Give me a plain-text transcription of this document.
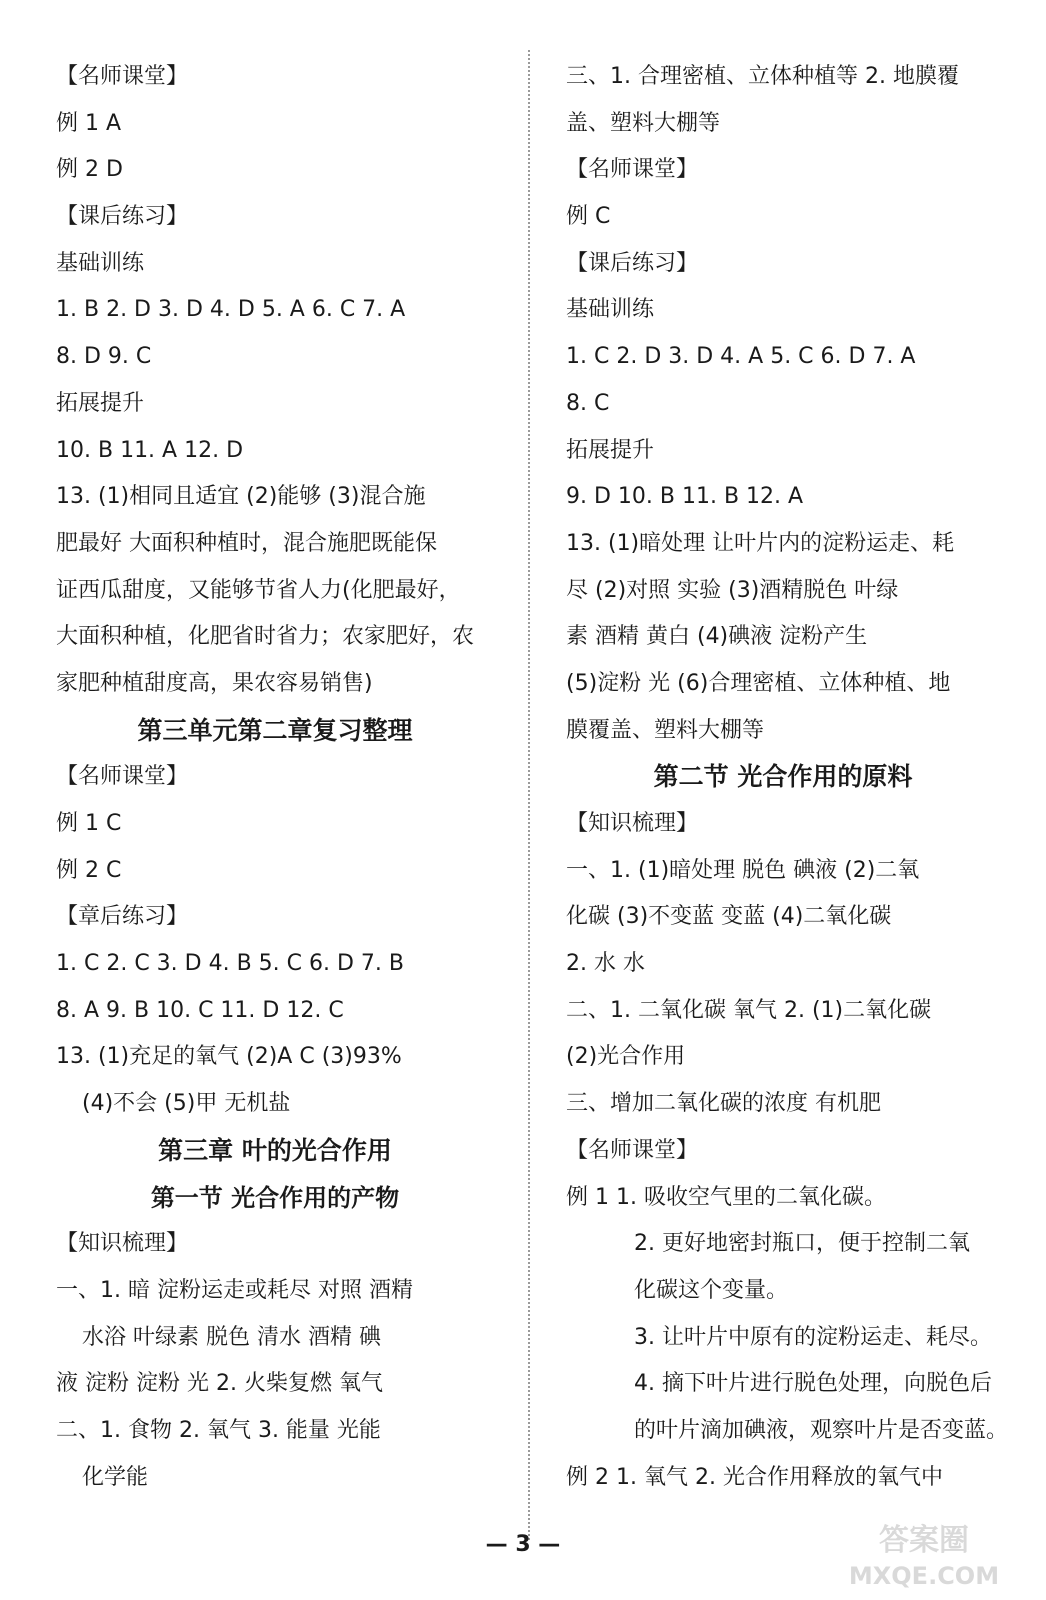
【名师课堂】
例 1 A
例 2 D
【课后练习】
基础训练
1. B 2. D 3. D 4. D 5. A 6. C 7. A
8. D 9. C
拓展提升
10. B 11. A 12. D
13. (1)相同且适宜 (2)能够 (3)混合施
肥最好 大面积种植时，混合施肥既能保
证西瓜甜度，又能够节省人力(化肥最好，
大面积种植，化肥省时省力；农家肥好，农
家肥种植甜度高，果农容易销售)
第三单元第二章复习整理
【名师课堂】
例 1 C
例 2 C
【章后练习】
1. C 2. C 3. D 4. B 5. C 6. D 7. B
8. A 9. B 10. C 11. D 12. C
13. (1)充足的氧气 (2)A C (3)93%
(4)不会 (5)甲 无机盐
第三章 叶的光合作用
第一节 光合作用的产物
【知识梳理】
一、1. 暗 淀粉运走或耗尽 对照 酒精
水浴 叶绿素 脱色 清水 酒精 碘
液 淀粉 淀粉 光 2. 火柴复燃 氧气
二、1. 食物 2. 氧气 3. 能量 光能
化学能
三、1. 合理密植、立体种植等 2. 地膜覆
盖、塑料大棚等
【名师课堂】
例 C
【课后练习】
基础训练
1. C 2. D 3. D 4. A 5. C 6. D 7. A
8. C
拓展提升
9. D 10. B 11. B 12. A
13. (1)暗处理 让叶片内的淀粉运走、耗
尽 (2)对照 实验 (3)酒精脱色 叶绿
素 酒精 黄白 (4)碘液 淀粉产生
(5)淀粉 光 (6)合理密植、立体种植、地
膜覆盖、塑料大棚等
第二节 光合作用的原料
【知识梳理】
一、1. (1)暗处理 脱色 碘液 (2)二氧
化碳 (3)不变蓝 变蓝 (4)二氧化碳
2. 水 水
二、1. 二氧化碳 氧气 2. (1)二氧化碳
(2)光合作用
三、增加二氧化碳的浓度 有机肥
【名师课堂】
例 1 1. 吸收空气里的二氧化碳。
2. 更好地密封瓶口，便于控制二氧
化碳这个变量。
3. 让叶片中原有的淀粉运走、耗尽。
4. 摘下叶片进行脱色处理，向脱色后
的叶片滴加碘液，观察叶片是否变蓝。
例 2 1. 氧气 2. 光合作用释放的氧气中
— 3 —	答案圈
MXQE.COM
